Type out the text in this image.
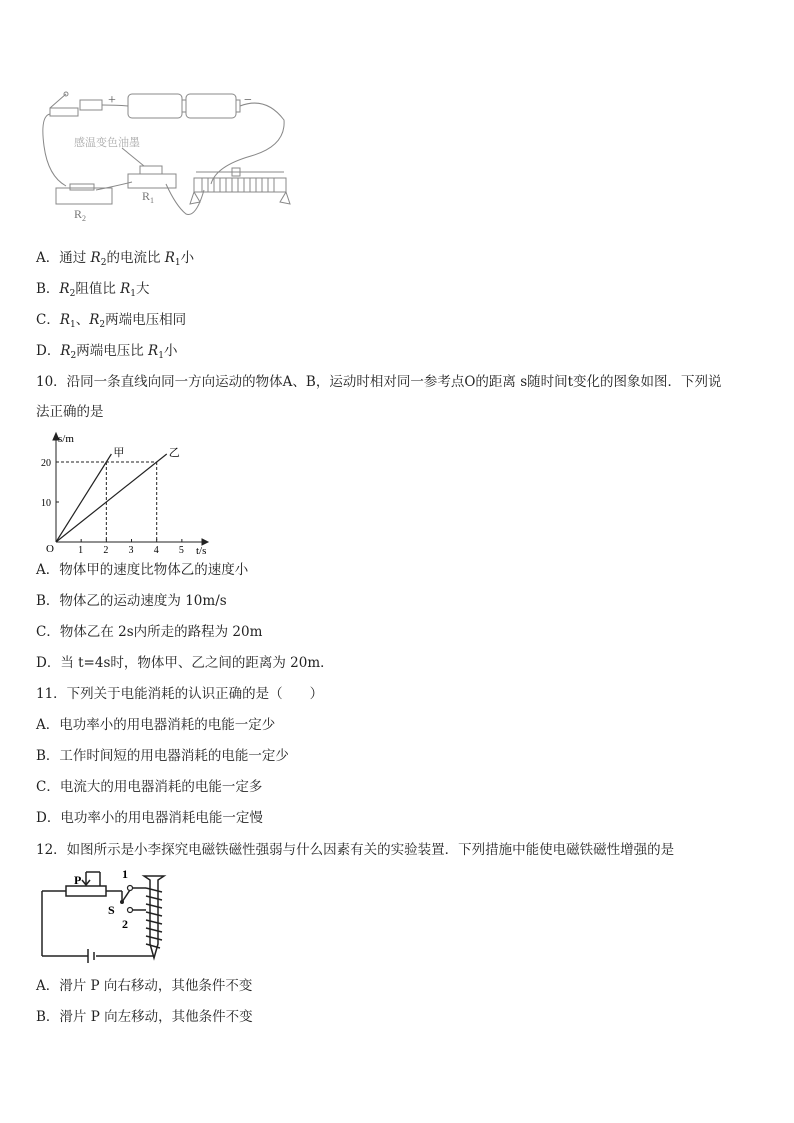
+	−
感温变色油墨
$R_1$
$R_2$
A．通过 $R_2$的电流比 $R_1$小
B．$R_2$阻值比 $R_1$大
C．$R_1$、$R_2$两端电压相同
D．$R_2$两端电压比 $R_1$小
10．沿同一条直线向同一方向运动的物体A、B，运动时相对同一参考点O的距离 s随时间t变化的图象如图．下列说
法正确的是
1 2 3 4 5
10
20
甲	乙
s/m
t/s
O
A．物体甲的速度比物体乙的速度小
B．物体乙的运动速度为 10m/s
C．物体乙在 2s内所走的路程为 20m
D．当 t=4s时，物体甲、乙之间的距离为 20m．
11．下列关于电能消耗的认识正确的是（　　）
A．电功率小的用电器消耗的电能一定少
B．工作时间短的用电器消耗的电能一定少
C．电流大的用电器消耗的电能一定多
D．电功率小的用电器消耗电能一定慢
12．如图所示是小李探究电磁铁磁性强弱与什么因素有关的实验装置．下列措施中能使电磁铁磁性增强的是
P	1
S
2
A．滑片 P 向右移动，其他条件不变
B．滑片 P 向左移动，其他条件不变
